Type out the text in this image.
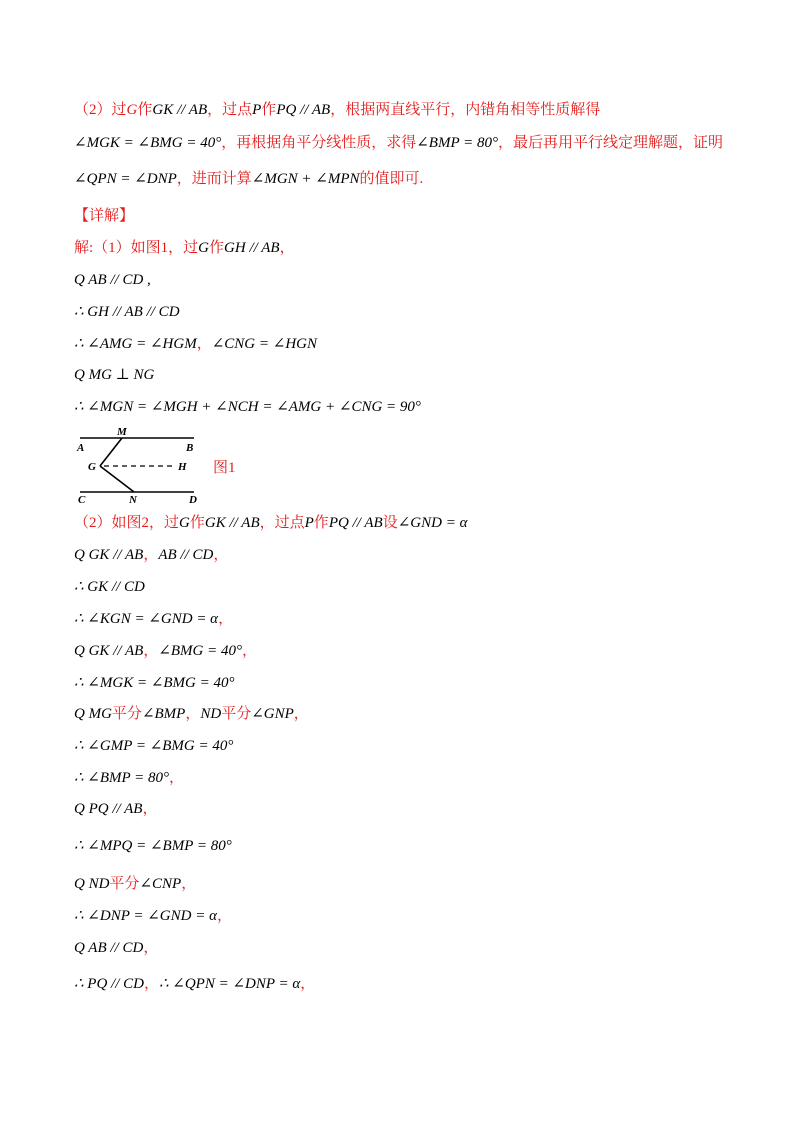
（2）过G作GK // AB，过点P作PQ // AB，根据两直线平行，内错角相等性质解得
∠MGK = ∠BMG = 40°，再根据角平分线性质，求得∠BMP = 80°，最后再用平行线定理解题，证明
∠QPN = ∠DNP，进而计算∠MGN + ∠MPN的值即可.
【详解】
解:（1）如图1，过G作GH // AB，
Q AB // CD ,
∴ GH // AB // CD
∴ ∠AMG = ∠HGM，∠CNG = ∠HGN
Q MG ⊥ NG
∴ ∠MGN = ∠MGH + ∠NCH = ∠AMG + ∠CNG = 90°
A
M
B
G	H
C	N	D
图1
（2）如图2，过G作GK // AB，过点P作PQ // AB设∠GND = α
Q GK // AB，AB // CD，
∴ GK // CD
∴ ∠KGN = ∠GND = α，
Q GK // AB，∠BMG = 40°，
∴ ∠MGK = ∠BMG = 40°
Q MG平分∠BMP，ND平分∠GNP，
∴ ∠GMP = ∠BMG = 40°
∴ ∠BMP = 80°，
Q PQ // AB，
∴ ∠MPQ = ∠BMP = 80°
Q ND平分∠CNP，
∴ ∠DNP = ∠GND = α，
Q AB // CD，
∴ PQ // CD，∴ ∠QPN = ∠DNP = α，
